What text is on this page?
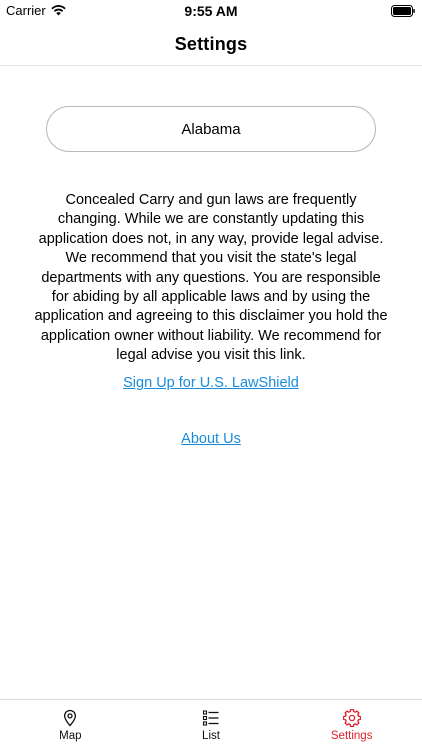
Carrier	9:55 AM
Settings
Alabama
Concealed Carry and gun laws are frequently changing. While we are constantly updating this application does not, in any way, provide legal advise. We recommend that you visit the state's legal departments with any questions. You are responsible for abiding by all applicable laws and by using the application and agreeing to this disclaimer you hold the application owner without liability. We recommend for legal advise you visit this link.
Sign Up for U.S. LawShield
About Us
Map	List	Settings
